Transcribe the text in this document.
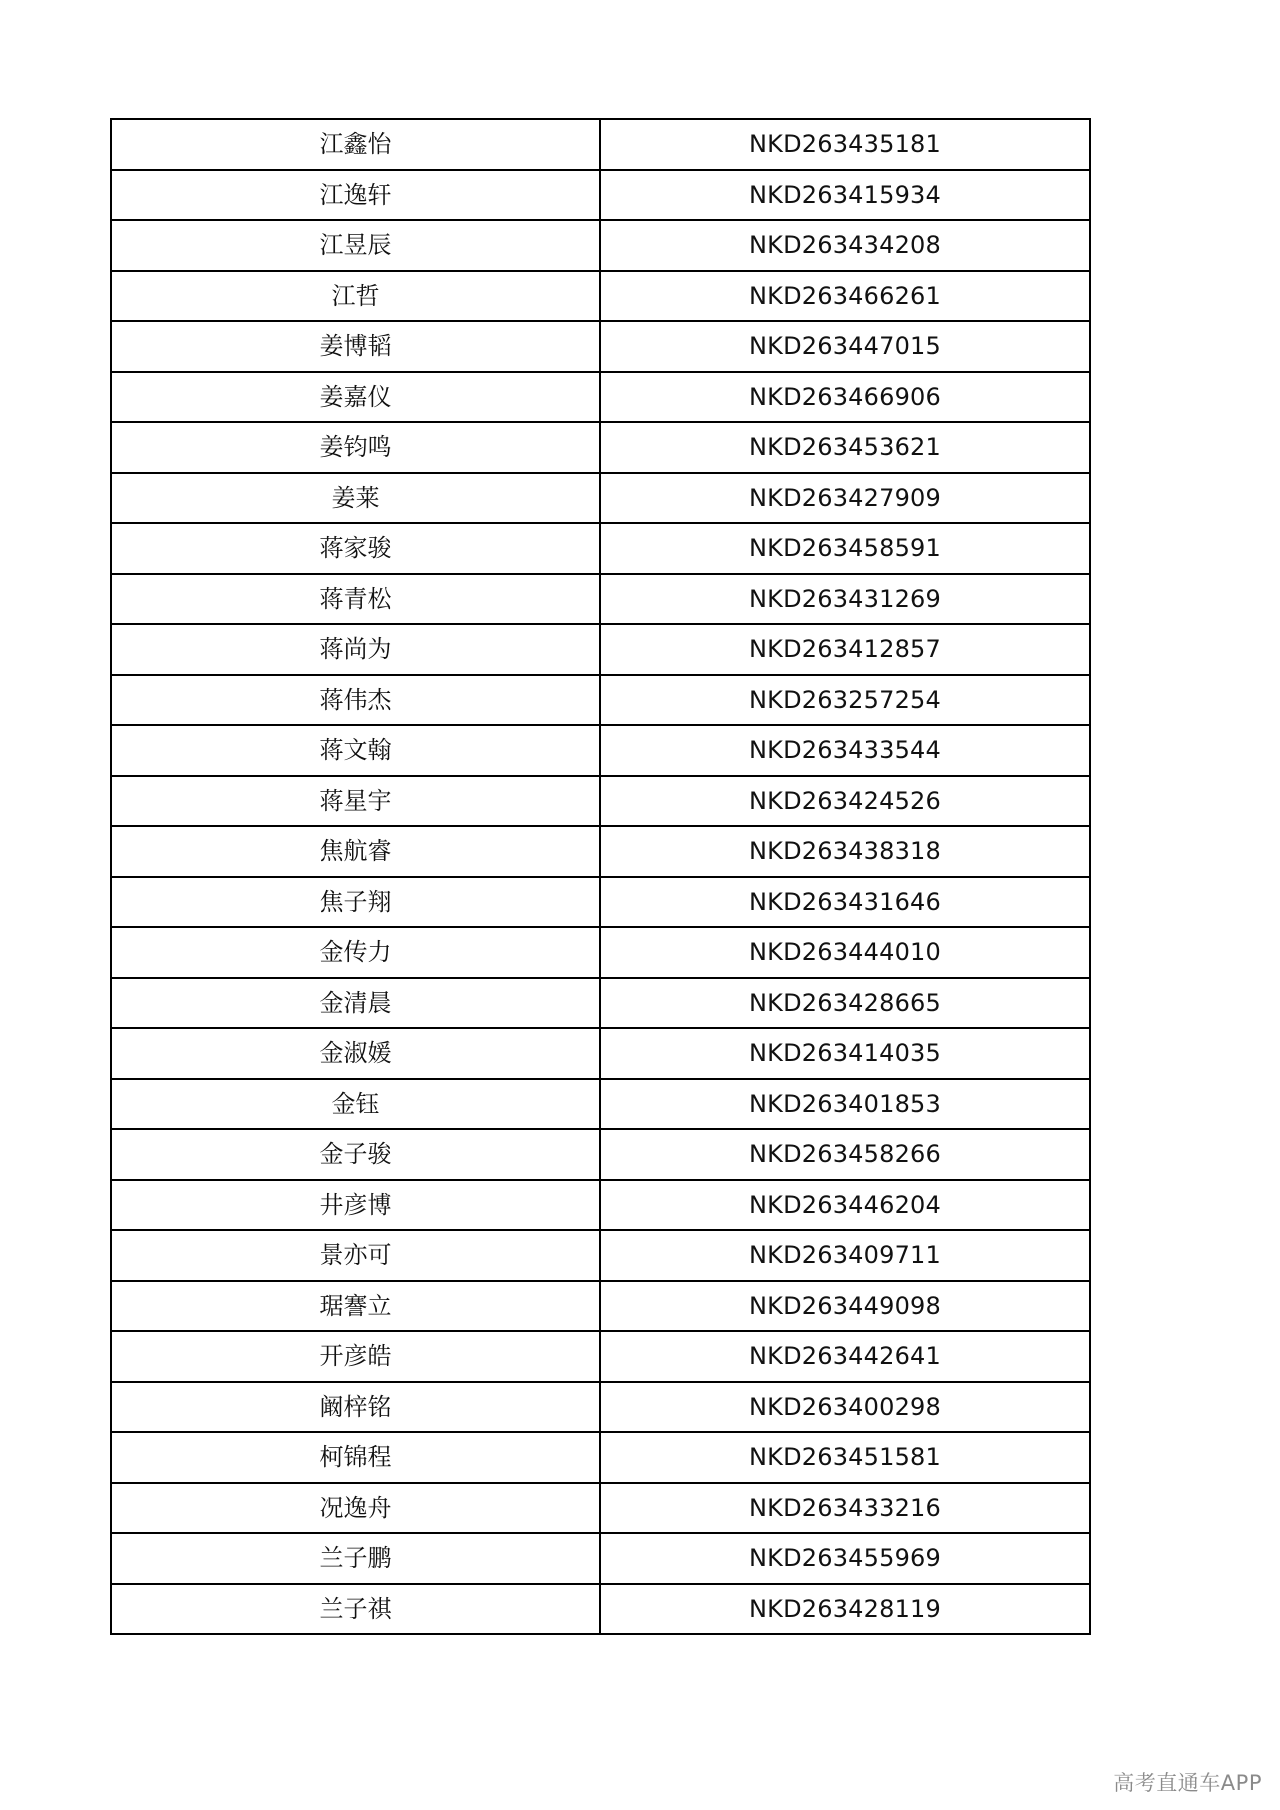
江鑫怡	NKD263435181
江逸轩	NKD263415934
江昱辰	NKD263434208
江哲	NKD263466261
姜博韬	NKD263447015
姜嘉仪	NKD263466906
姜钧鸣	NKD263453621
姜莱	NKD263427909
蒋家骏	NKD263458591
蒋青松	NKD263431269
蒋尚为	NKD263412857
蒋伟杰	NKD263257254
蒋文翰	NKD263433544
蒋星宇	NKD263424526
焦航睿	NKD263438318
焦子翔	NKD263431646
金传力	NKD263444010
金清晨	NKD263428665
金淑媛	NKD263414035
金钰	NKD263401853
金子骏	NKD263458266
井彦博	NKD263446204
景亦可	NKD263409711
琚謇立	NKD263449098
开彦皓	NKD263442641
阚梓铭	NKD263400298
柯锦程	NKD263451581
况逸舟	NKD263433216
兰子鹏	NKD263455969
兰子祺	NKD263428119
高考直通车APP
